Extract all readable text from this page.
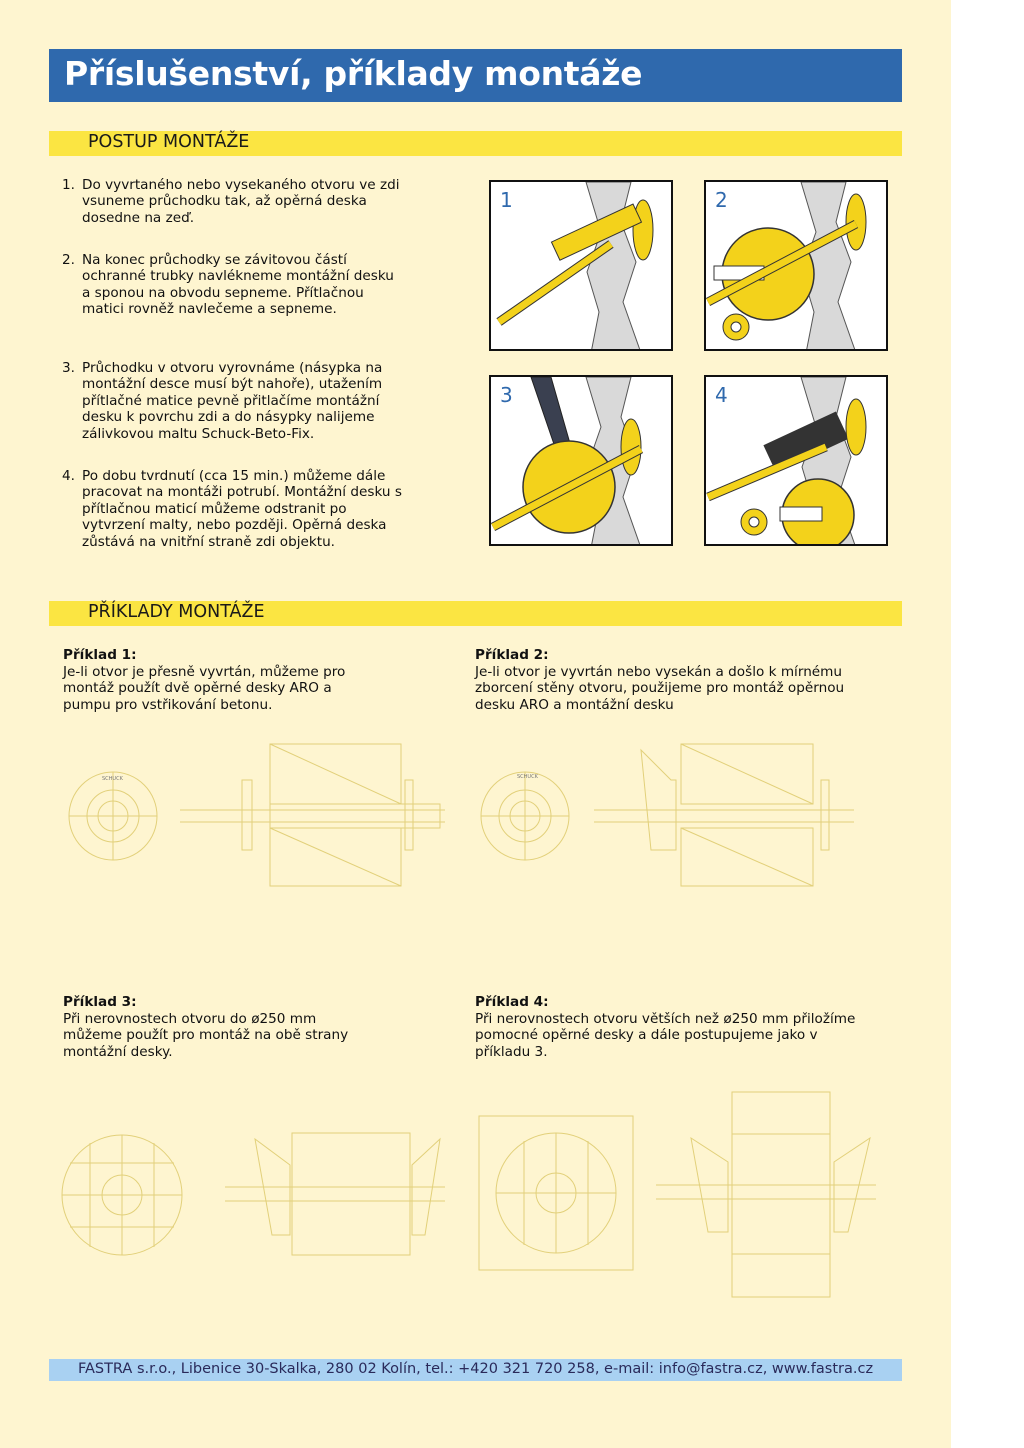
Příslušenství, příklady montáže
POSTUP MONTÁŽE
1. Do vyvrtaného nebo vysekaného otvoru ve zdi vsuneme průchodku tak, až opěrná deska dosedne na zeď.
2. Na konec průchodky se závitovou částí ochranné trubky navlékneme montážní desku a sponou na obvodu sepneme. Přítlačnou matici rovněž navlečeme a sepneme.
3. Průchodku v otvoru vyrovnáme (násypka na montážní desce musí být nahoře), utažením přítlačné matice pevně přitlačíme montážní desku k povrchu zdi a do násypky nalijeme zálivkovou maltu Schuck-Beto-Fix.
4. Po dobu tvrdnutí (cca 15 min.) můžeme dále pracovat na montáži potrubí. Montážní desku s přítlačnou maticí můžeme odstranit po vytvrzení malty, nebo později. Opěrná deska zůstává na vnitřní straně zdi objektu.
1	2
3	4
PŘÍKLADY MONTÁŽE
Příklad 1:
Je-li otvor je přesně vyvrtán, můžeme pro montáž použít dvě opěrné desky ARO a pumpu pro vstřikování betonu.
Příklad 2:
Je-li otvor je vyvrtán nebo vysekán a došlo k mírnému zborcení stěny otvoru, použijeme pro montáž opěrnou desku ARO a montážní desku
Příklad 3:
Při nerovnostech otvoru do ø250 mm můžeme použít pro montáž na obě strany montážní desky.
Příklad 4:
Při nerovnostech otvoru větších než ø250 mm přiložíme pomocné opěrné desky a dále postupujeme jako v příkladu 3.
SCHUCK	SCHUCK
FASTRA s.r.o., Libenice 30-Skalka, 280 02 Kolín, tel.: +420 321 720 258, e-mail: info@fastra.cz, www.fastra.cz
